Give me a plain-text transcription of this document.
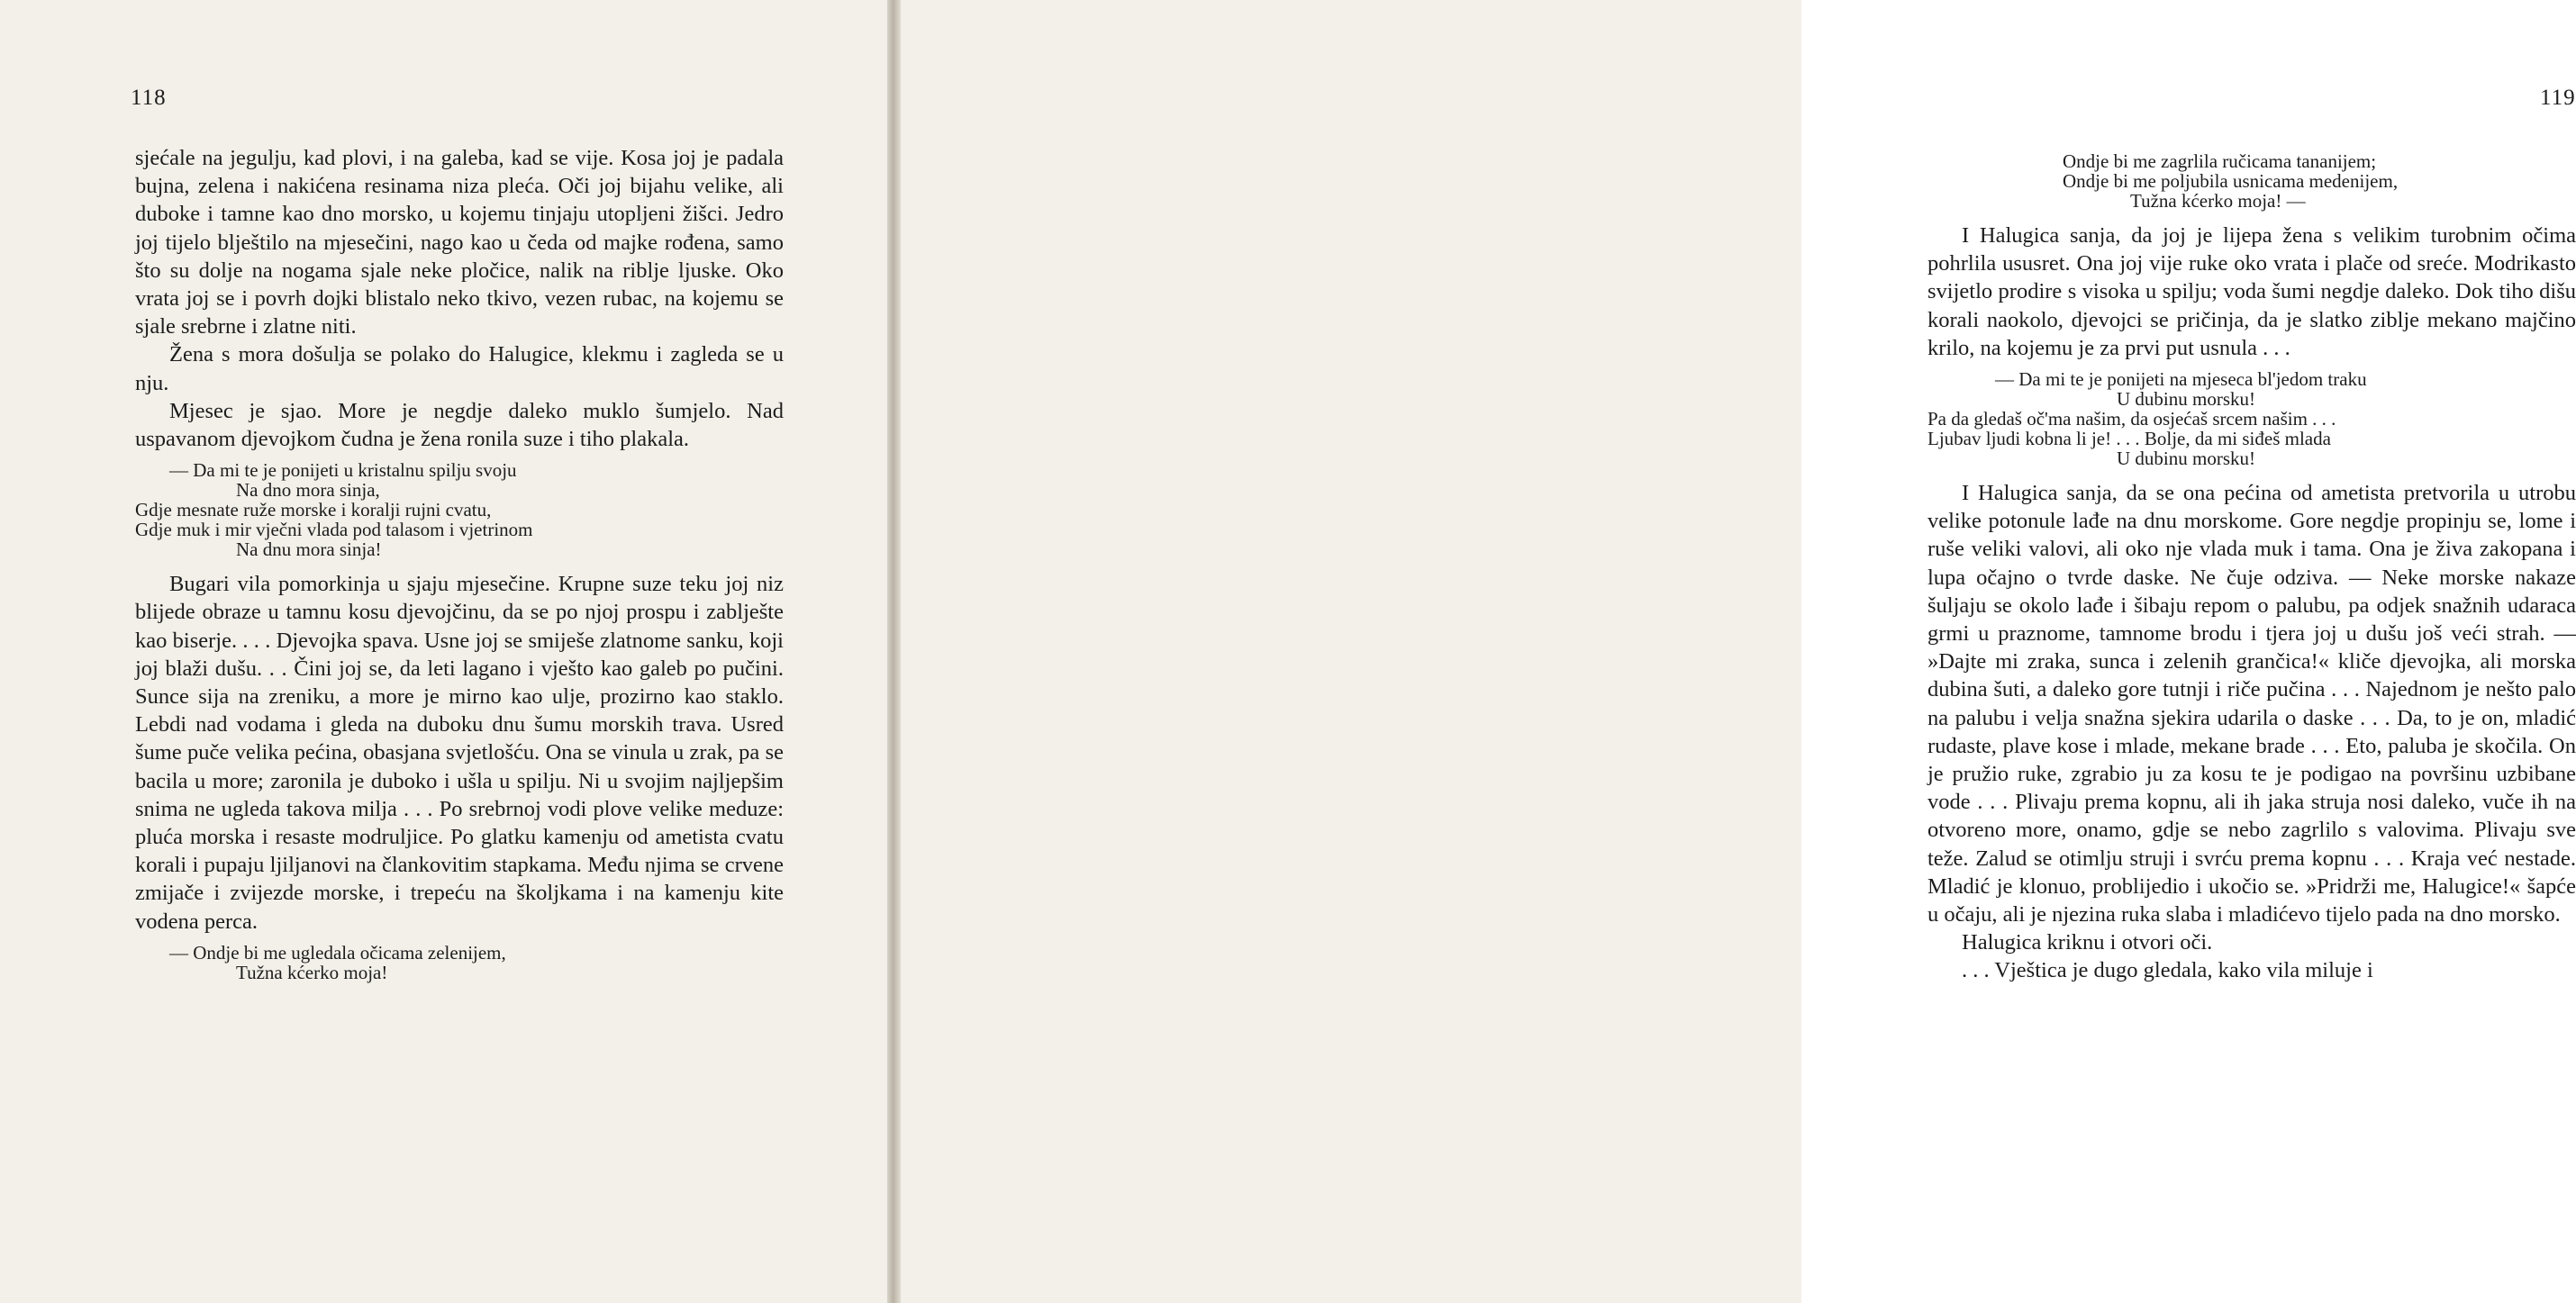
118

sjećale na jegulju, kad plovi, i na galeba, kad se vije. Kosa joj je padala bujna, zelena i nakićena resinama niza pleća. Oči joj bijahu velike, ali duboke i tamne kao dno morsko, u kojemu tinjaju utopljeni žišci. Jedro joj tijelo blještilo na mjesečini, nago kao u čeda od majke rođena, samo što su dolje na nogama sjale neke pločice, nalik na riblje ljuske. Oko vrata joj se i povrh dojki blistalo neko tkivo, vezen rubac, na kojemu se sjale srebrne i zlatne niti.

Žena s mora došulja se polako do Halugice, klekmu i zagleda se u nju.

Mjesec je sjao. More je negdje daleko muklo šumjelo. Nad uspavanom djevojkom čudna je žena ronila suze i tiho plakala.

— Da mi te je ponijeti u kristalnu spilju svoju
Na dno mora sinja,
Gdje mesnate ruže morske i koralji rujni cvatu,
Gdje muk i mir vječni vlada pod talasom i vjetrinom
Na dnu mora sinja!

Bugari vila pomorkinja u sjaju mjesečine. Krupne suze teku joj niz blijede obraze u tamnu kosu djevojčinu, da se po njoj prospu i zablještе kao biserje. . . . Djevojka spava. Usne joj se smiješe zlatnome sanku, koji joj blaži dušu. . . Čini joj se, da leti lagano i vješto kao galeb po pučini. Sunce sija na zreniku, a more je mirno kao ulje, prozirno kao staklo. Lebdi nad vodama i gleda na duboku dnu šumu morskih trava. Usred šume puče velika pećina, obasjana svjetlošću. Ona se vinula u zrak, pa se bacila u more; zaronila je duboko i ušla u spilju. Ni u svojim najljepšim snima ne ugleda takova milja . . . Po srebrnoj vodi plove velike meduze: pluća morska i resaste modruljice. Po glatku kamenju od ametista cvatu korali i pupaju ljiljanovi na člankovitim stapkama. Među njima se crvene zmijače i zvijezde morske, i trepeću na školjkama i na kamenju kite vodena perca.

— Ondje bi me ugledala očicama zelenijem,
Tužna kćerko moja!
119
Ondje bi me zagrlila ručicama tananijem;
Ondje bi me poljubila usnicama medenijem,
Tužna kćerko moja! —

I Halugica sanja, da joj je lijepa žena s velikim turobnim očima pohrlila ususret. Ona joj vije ruke oko vrata i plače od sreće. Modrikasto svijetlo prodire s visoka u spilju; voda šumi negdje daleko. Dok tiho dišu korali naokolo, djevojci se pričinja, da je slatko ziblje mekano majčino krilo, na kojemu je za prvi put usnula . . .

— Da mi te je ponijeti na mjeseca bl'jedom traku
U dubinu morsku!
Pa da gledaš oč'ma našim, da osjećaš srcem našim . . .
Ljubav ljudi kobna li je! . . . Bolje, da mi siđeš mlada
U dubinu morsku!

I Halugica sanja, da se ona pećina od ametista pretvorila u utrobu velike potonule lađe na dnu morskome. Gore negdje propinju se, lome i ruše veliki valovi, ali oko nje vlada muk i tama. Ona je živa zakopana i lupa očajno o tvrde daske. Ne čuje odziva. — Neke morske nakaze šuljaju se okolo lađe i šibaju repom o palubu, pa odjek snažnih udaraca grmi u praznome, tamnome brodu i tjera joj u dušu još veći strah. — »Dajte mi zraka, sunca i zelenih grančica!« kliče djevojka, ali morska dubina šuti, a daleko gore tutnji i riče pučina . . . Najednom je nešto palo na palubu i velja snažna sjekira udarila o daske . . . Da, to je on, mladić rudaste, plave kose i mlade, mekane brade . . . Eto, paluba je skočila. On je pružio ruke, zgrabio ju za kosu te je podigao na površinu uzbibane vode . . . Plivaju prema kopnu, ali ih jaka struja nosi daleko, vuče ih na otvoreno more, onamo, gdje se nebo zagrlilo s valovima. Plivaju sve teže. Zalud se otimlju struji i svrću prema kopnu . . . Kraja već nestade. Mladić je klonuo, problijedio i ukočio se. »Pridrži me, Halugice!« šapće u očaju, ali je njezina ruka slaba i mladićevo tijelo pada na dno morsko.

Halugica kriknu i otvori oči.

. . . Vještica je dugo gledala, kako vila miluje i
